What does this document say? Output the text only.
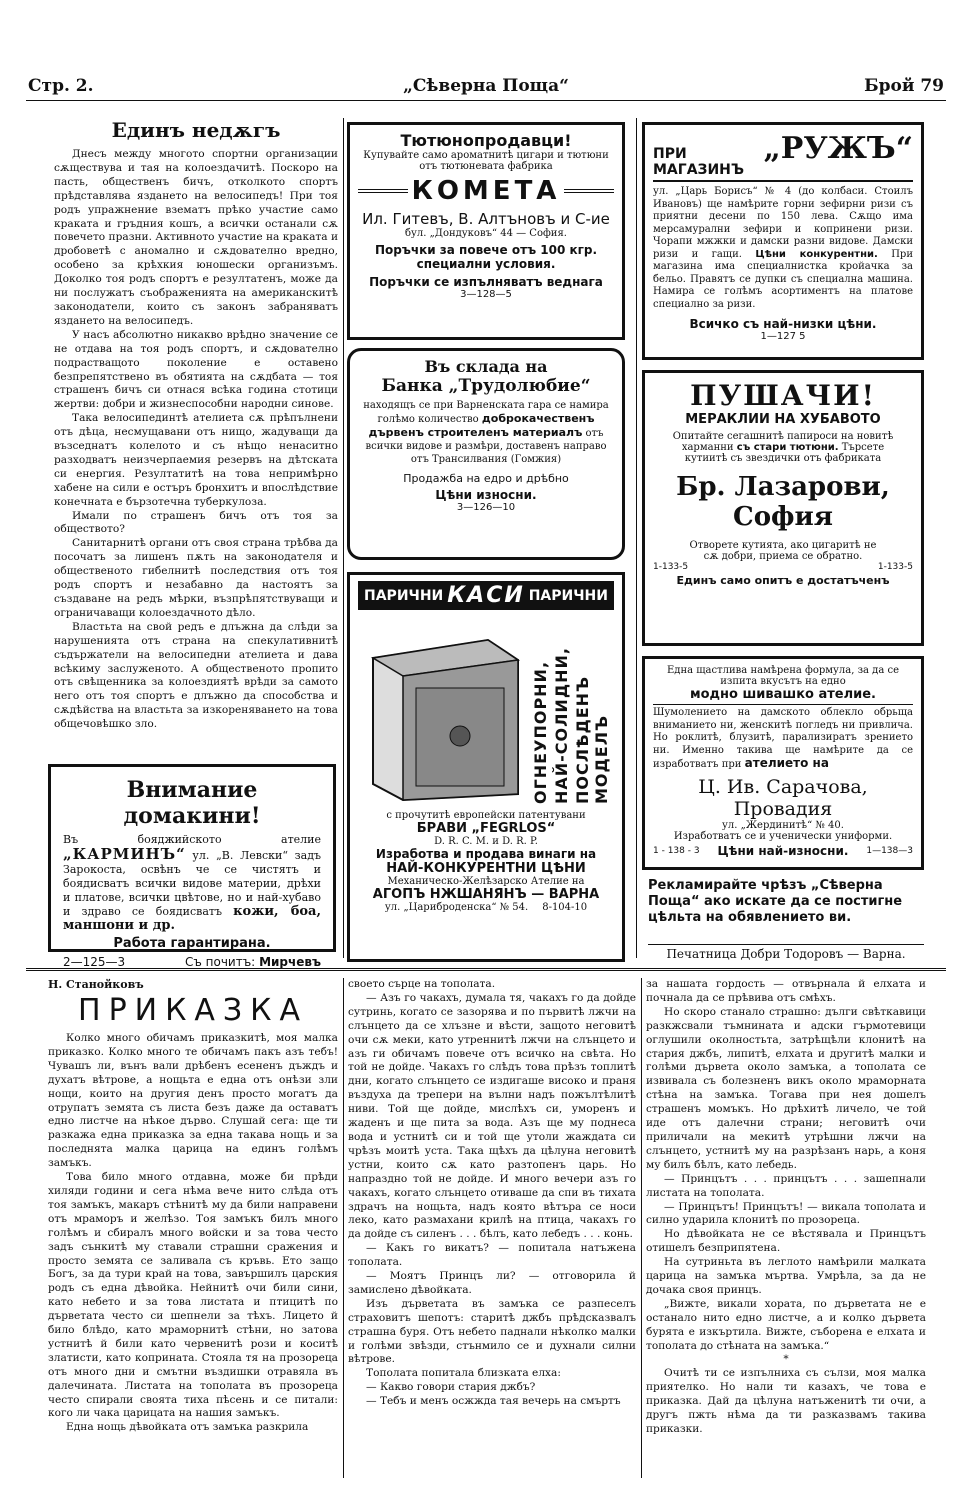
Стр. 2.	„Сѣверна Поща“	Брой 79
Единъ недѫгъ

Днесъ между многото спортни организации сѫществува и тая на колоездачитѣ. Поскоро на пасть, общественъ бичъ, отколкото спортъ прѣдставлява яздането на велосипедъ! При тоя родъ упражнение взематъ прѣко участие само краката и гръдния кошъ, а всички останали сѫ повечето празни. Активното участие на краката и дробоветѣ с аномално и сѫдователно вредно, особено за крѣхкия юношески организъмъ. Доколко тоя родъ спортъ е резултатенъ, може да ни послужатъ съображенията на американскитѣ законодатели, които съ законъ забраняватъ яздането на велосипедъ.

У насъ абсолютно никакво врѣдно значение се не отдава на тоя родъ спортъ, и сѫдователно подрастващото поколение е оставено безпрепятствено въ обятията на сѫдбата — тоя страшенъ бичъ си отнася всѣка година стотици жертви: добри и жизнеспособни народни синове.

Така велосипединтѣ ателиета сѫ прѣпълнени отъ дѣца, несмущавани отъ нищо, жадуващи да възседнатъ колелото и съ нѣщо ненаситно разходватъ неизчерпаемия резервъ на дѣтската си енергия. Резултатитѣ на това непримѣрно хабене на сили е остъръ бронхитъ и впослѣдствие конечната е бързотечна туберкулоза.

Имали по страшенъ бичъ отъ тоя за обществото?

Санитарнитѣ органи отъ своя страна трѣбва да посочатъ за лишенъ пѫть на законодателя и общественото гибелнитѣ последствия отъ тоя родъ спортъ и незабавно да настоятъ за създаване на редъ мѣрки, възпрѣпятствуващи и ограничаващи колоездачното дѣло.

Властьта на свой редъ е длъжна да слѣди за нарушенията отъ страна на спекулативнитѣ съдържатели на велосипедни ателиета и дава всѣкиму заслуженото. А общественото пропито отъ свѣщенника за колоездиятѣ врѣди за самото него отъ тоя спортъ е длъжно да способства и сѫдѣйства на властьта за изкореняването на това общечовѣшко зло.

Внимание домакини!
Въ бояджийското ателие „КАРМИНЪ“ ул. „В. Левски“ задъ Зарокоста, освѣнъ че се чистятъ и боядисватъ всички видове материи, дрѣхи и платове, всички цвѣтове, но и най-хубаво и здраво се боядисватъ кожи, боа, маншони и др.
Работа гарантирана.
2—125—3	Съ почитъ: Мирчевъ
Тютюнопродавци!
Купувайте само ароматнитѣ цигари и тютюни
отъ тютюневата фабрика
КОМЕТА
Ил. Гитевъ, В. Алтъновъ и С-ие
бул. „Дондуковъ“ 44 — София.
Поръчки за повече отъ 100 кгр. специални условия.
Поръчки се изпълняватъ веднага
3—128—5
Въ склада на
Банка „Трудолюбие“
находящъ се при Варненската гара се намира голѣмо количество доброкачественъ дървенъ строителенъ материалъ отъ всички видове и размѣри, доставенъ направо отъ Трансилвания (Гомжия)
Продажба на едро и дрѣбно
Цѣни износни.
3—126—10
ПАРИЧНИ КАСИ ПАРИЧНИ
ПОСЛѢДЕНЪ МОДЕЛЪ
НАЙ-СОЛИДНИ,
ОГНЕУПОРНИ,
с прочутитѣ европейски патентувани
БРАВИ „FEGRLOS“
D. R. C. M. и D. R. P.
Изработва и продава винаги на
НАЙ-КОНКУРЕНТНИ ЦѢНИ
Механическо-Желѣзарско Ателие на
АГОПЪ НЖШАНЯНЪ — ВАРНА
ул. „Цариброденска“ № 54. 8-104-10
ПРИ МАГАЗИНЪ
„РУЖЪ“
ул. „Царь Борисъ“ № 4 (до колбаси. Стоилъ Ивановъ) ще намѣрите горни зефирни ризи съ приятни десени по 150 лева. Сѫщо има мерсамурални зефири и копринени ризи. Чорапи мжжки и дамски разни видове. Дамски ризи и гащи. Цѣни конкурентни. При магазина има специалнистка кройачка за бельо. Правятъ се дупки съ специална машина. Намира се голѣмъ асортиментъ на платове специално за ризи.
Всичко съ най-низки цѣни.
1—127 5
ПУШАЧИ!
МЕРАКЛИИ НА ХУБАВОТО
Опитайте сегашнитѣ папироси на новитѣ
харманни съ стари тютюни. Търсете
кутиитѣ съ звездички отъ фабриката
Бр. Лазарови, София
Отворете кутията, ако цигаритѣ не сѫ добри, приема се обратно.
1-133-5	1-133-5
Единъ само опитъ е достатъченъ
Една щастлива намѣрена формула, за да се изпита вкусътъ на едно
модно шивашко ателие.
Шумолението на дамското облекло обрьща вниманието ни, женскитѣ погледъ ни привлича. Но роклитѣ, блузитѣ, парализиратъ зрението ни. Именно такива ще намѣрите да се изработватъ при ателието на
Ц. Ив. Сарачова, Провадия
ул. „Жердинитѣ“ № 40.
Изработватъ се и ученически униформи.
1 - 138 - 3 Цѣни най-износни. 1—138—3
Рекламирайте чрѣзъ „Сѣверна Поща“ ако искате да се постигне цѣльта на обявлението ви.
Печатница Добри Тодоровъ — Варна.
Н. Станойковъ
ПРИКАЗКА

Колко много обичамъ приказкитѣ, моя малка приказко. Колко много те обичамъ пакъ азъ тебъ! Чувашъ ли, вънъ вали дрѣбенъ есененъ дъждъ и духатъ вѣтрове, а нощьта е една отъ онѣзи зли нощи, които на другия денъ просто могатъ да отрупатъ земята съ листа безъ даже да оставатъ едно листче на нѣкое дърво. Слушай сега: ще ти разкажа една приказка за една такава нощь и за последнята малка царица на единъ голѣмъ замъкъ.

Това било много отдавна, може би прѣди хиляди години и сега нѣма вече нито слѣда отъ тоя замъкъ, макаръ стѣнитѣ му да били направени отъ мраморъ и желѣзо. Тоя замъкъ билъ много голѣмъ и сбиралъ много войски и за това често задъ сънкитѣ му ставали страшни сражения и просто земята се заливала съ кръвь. Ето защо Богъ, за да тури край на това, завършилъ царския родъ съ една дѣвойка. Нейнитѣ очи били сини, като небето и за това листата и птицитѣ по дърветата често си шепнели за тѣхъ. Лицето й било блѣдо, като мраморнитѣ стѣни, но затова устнитѣ й били като червенитѣ рози и коситѣ златисти, като коприната. Стояла тя на прозореца отъ много дни и смътни въздишки отравяла въ далечината. Листата на тополата въ прозореца често спирали своята тиха пѣсень и се питали: кого ли чака царицата на нашия замъкъ.

Една нощь дѣвойката отъ замъка разкрила

своето сърце на тополата.

— Азъ го чакахъ, думала тя, чакахъ го да дойде сутринь, когато се зазорява и по първитѣ лжчи на слънцето да се хлъзне и вѣсти, защото неговитѣ очи сѫ меки, като утреннитѣ лжчи на слънцето и азъ ги обичамъ повече отъ всичко на свѣта. Но той не дойде. Чакахъ го слѣдъ това прѣзъ топлитѣ дни, когато слънцето се издигаше високо и праня въздуха да трепери на вълни надъ пожълтѣлитѣ ниви. Той ще дойде, мислѣхъ си, уморенъ и жаденъ и ще пита за вода. Азъ ще му поднеса вода и устнитѣ си и той ще утоли жаждата си чрѣзъ моитѣ уста. Така щѣхъ да цѣлуна неговитѣ устни, които сѫ като разтопенъ царь. Но напраздно той не дойде. И много вечери азъ го чакахъ, когато слънцето отиваше да спи въ тихата здрачъ на нощьта, надъ която вѣтъра се носи леко, като размахани крилѣ на птица, чакахъ го да дойде съ силенъ . . . бѣлъ, като лебедъ . . . конь.

— Какъ го викатъ? — попитала натъжена тополата.

— Моятъ Принцъ ли? — отговорила й замислено дѣвойката.

Изъ дърветата въ замъка се разпеселъ страховитъ шепотъ: старитѣ джбъ прѣдсказвалъ страшна буря. Отъ небето паднали нѣколко малки и голѣми звѣзди, стънмило се и духнали силни вѣтрове.

Тополата попитала близката елха:

— Какво говори стария джбъ?

— Тебъ и менъ осжжда тая вечерь на смъртъ

за нашата гордость — отвърнала й елхата и почнала да се прѣвива отъ смѣхъ.

Но скоро станало страшно: дълги свѣткавици разкжсвали тъмнината и адски гърмотевици оглушили околностьта, затрѣщѣли клонитѣ на стария джбъ, липитѣ, елхата и другитѣ малки и голѣми дървета около замъка, а тополата се извивала съ болезненъ викъ около мраморната стѣна на замъка. Тогава при нея дошелъ страшенъ момъкъ. Но дрѣхитѣ личело, че той иде отъ далечни страни; неговитѣ очи приличали на мекитѣ утрѣшни лжчи на слънцето, устнитѣ му на разрѣзанъ нарь, а коня му билъ бѣлъ, като лебедь.

— Принцътъ . . . принцътъ . . . зашепнали листата на тополата.

— Принцътъ! Принцътъ! — викала тополата и силно ударила клонитѣ по прозореца.

Но дѣвойката не се вѣстявала и Принцътъ отишелъ безприпятена.

На сутриньта въ леглото намѣрили малката царица на замъка мъртва. Умрѣла, за да не дочака своя принцъ.

„Вижте, викали хората, по дърветата не е останало нито едно листче, а и колко дървета бурята е изкъртила. Вижте, съборена е елхата и тополата до стѣната на замъка.“

*

Очитѣ ти се изпълниха съ сълзи, моя малка приятелко. Но нали ти казахъ, че това е приказка. Дай да цѣлуна натъженитѣ ти очи, а другъ пжть нѣма да ти разказвамъ такива приказки.
